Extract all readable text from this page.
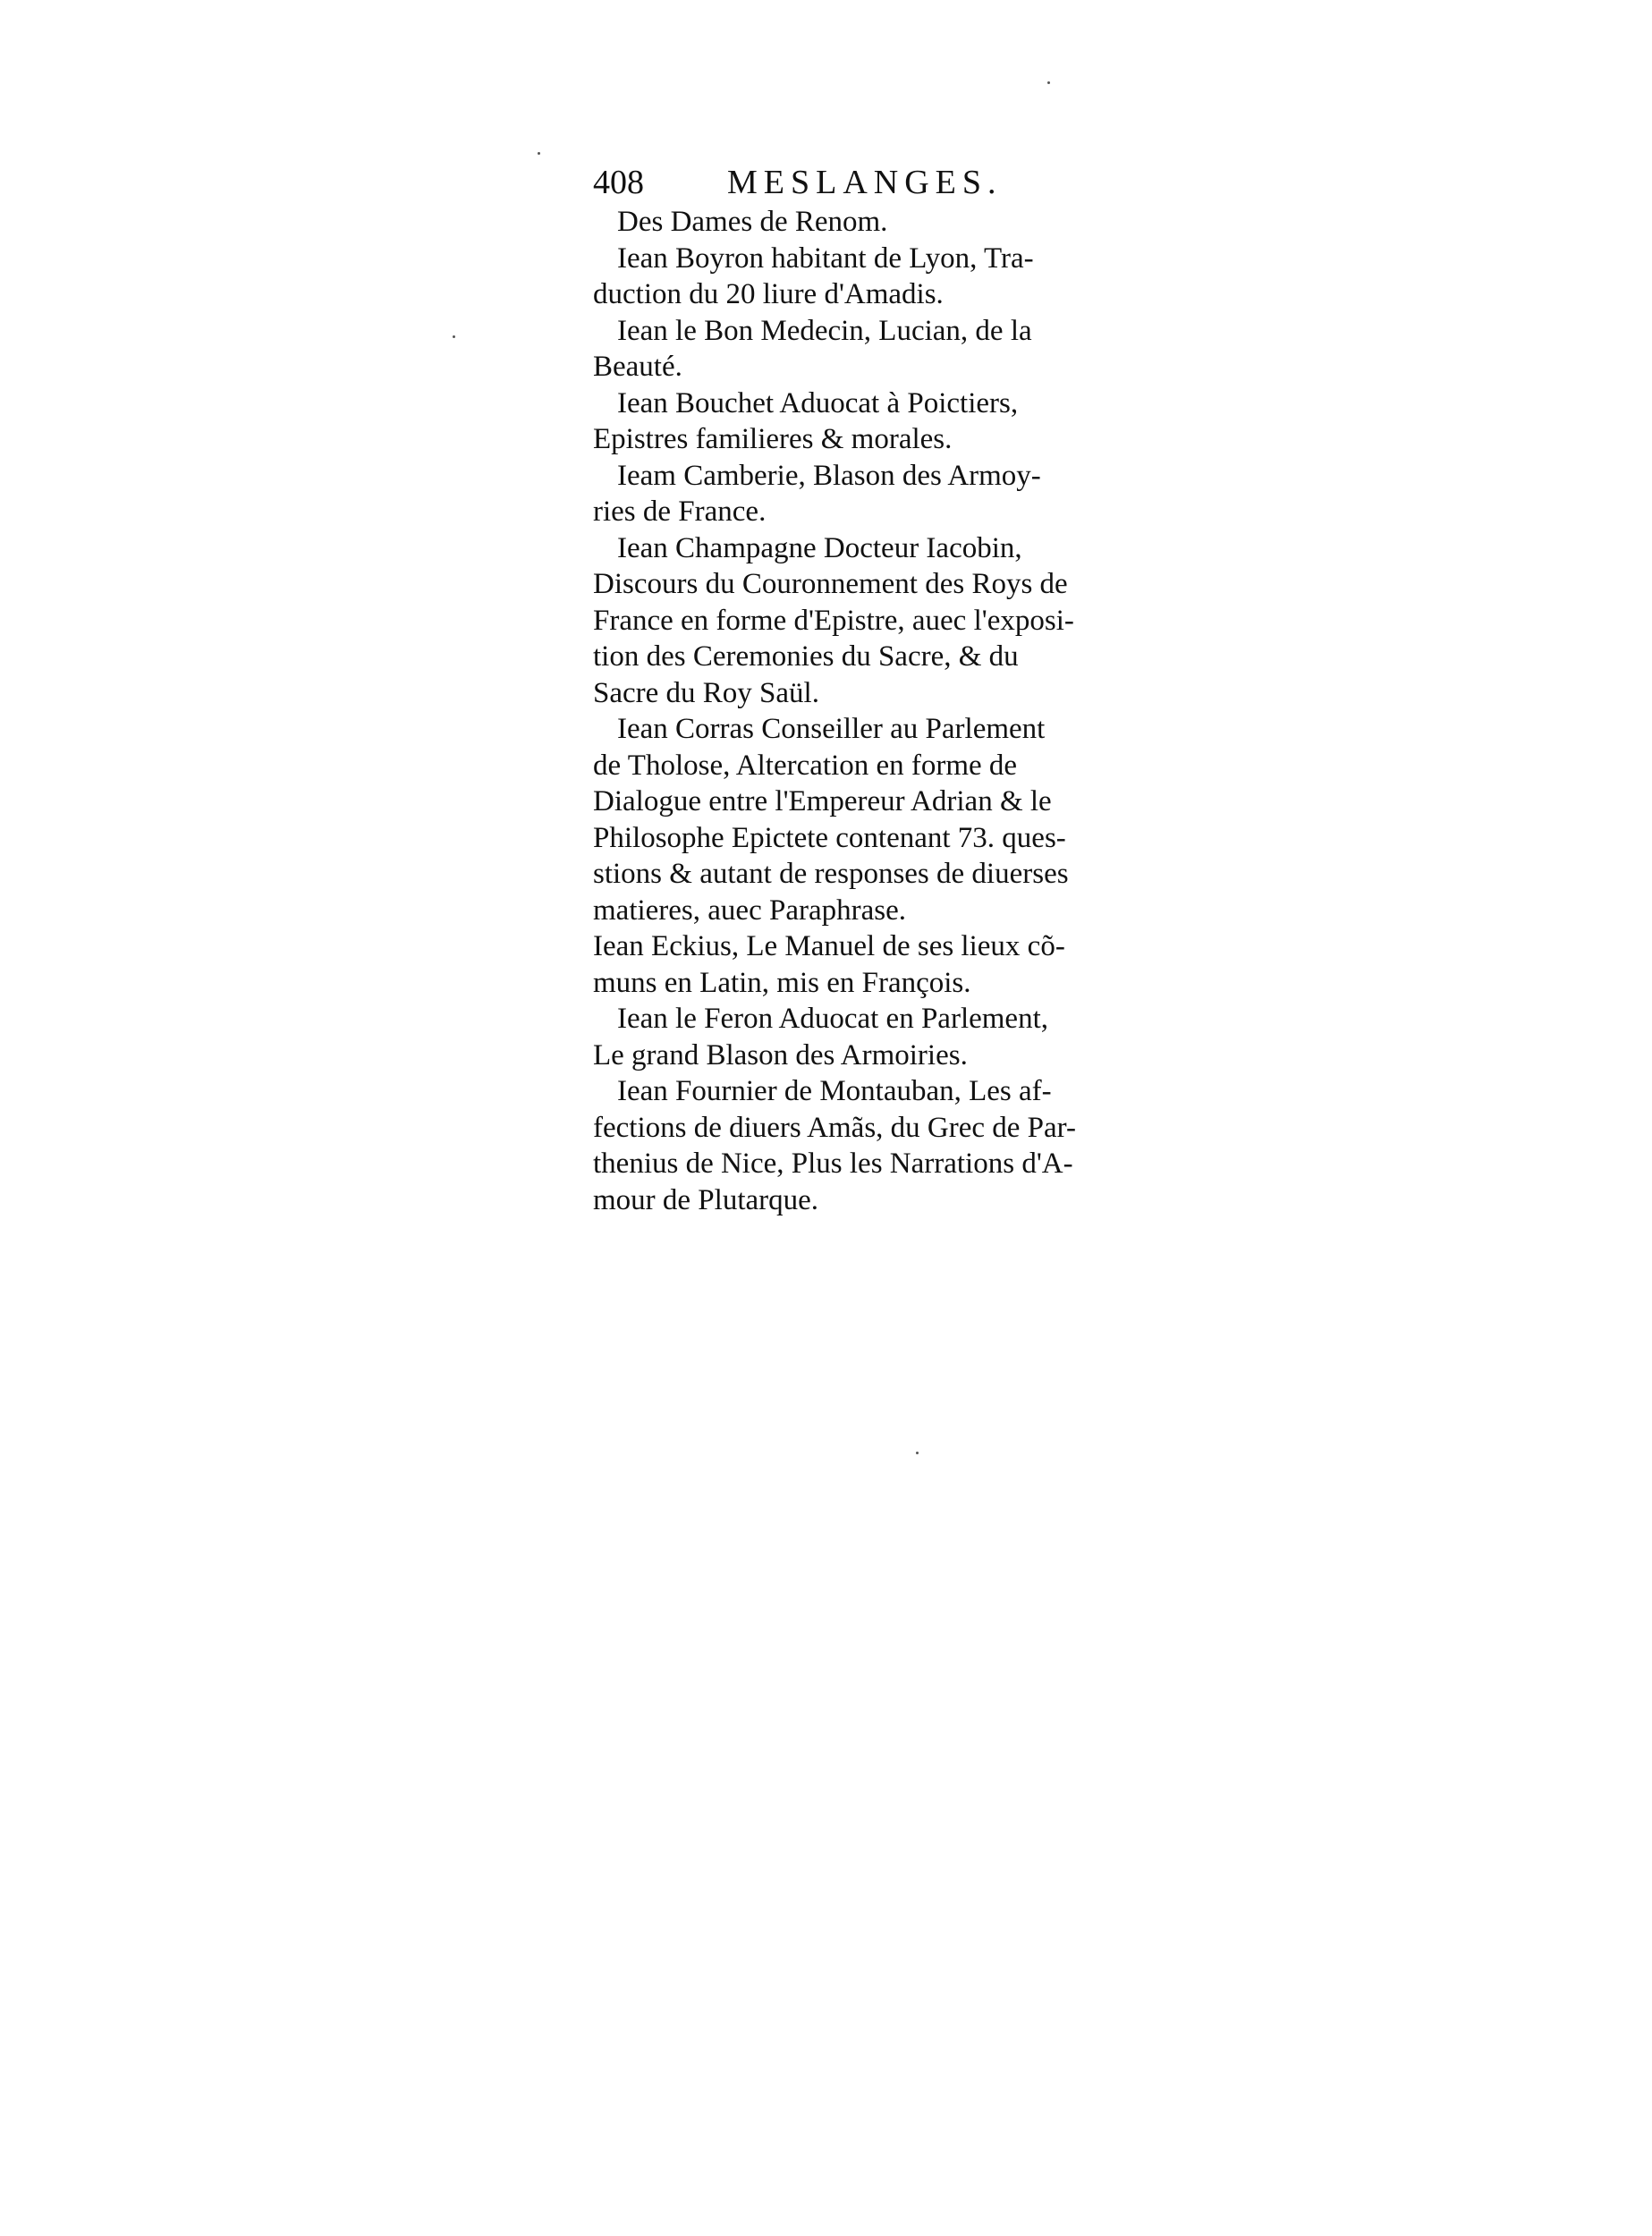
408 MESLANGES.
Des Dames de Renom.
Iean Boyron habitant de Lyon, Tra-
duction du 20 liure d'Amadis.
Iean le Bon Medecin, Lucian, de la
Beauté.
Iean Bouchet Aduocat à Poictiers,
Epistres familieres & morales.
Ieam Camberie, Blason des Armoy-
ries de France.
Iean Champagne Docteur Iacobin,
Discours du Couronnement des Roys de
France en forme d'Epistre, auec l'exposi-
tion des Ceremonies du Sacre, & du
Sacre du Roy Saül.
Iean Corras Conseiller au Parlement
de Tholose, Altercation en forme de
Dialogue entre l'Empereur Adrian & le
Philosophe Epictete contenant 73. ques-
stions & autant de responses de diuerses
matieres, auec Paraphrase.
Iean Eckius, Le Manuel de ses lieux cõ-
muns en Latin, mis en François.
Iean le Feron Aduocat en Parlement,
Le grand Blason des Armoiries.
Iean Fournier de Montauban, Les af-
fections de diuers Amãs, du Grec de Par-
thenius de Nice, Plus les Narrations d'A-
mour de Plutarque.
